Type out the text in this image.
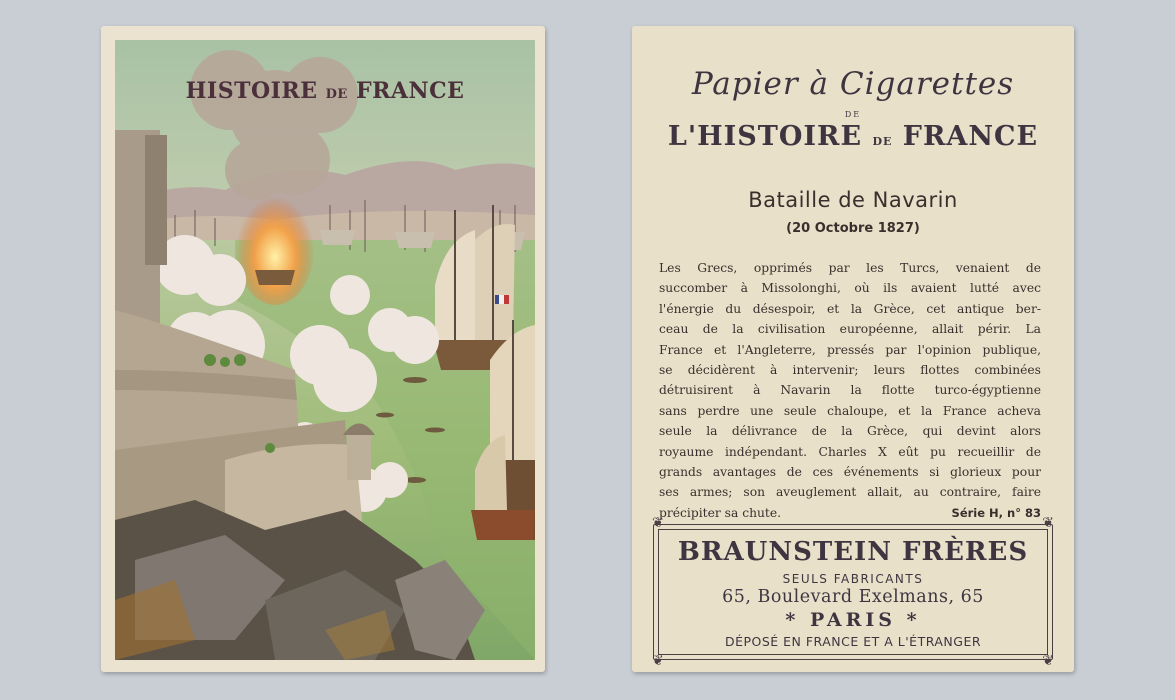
HISTOIRE DE FRANCE	Papier à Cigarettes
DE
L'HISTOIRE DE FRANCE
Bataille de Navarin
(20 Octobre 1827)
Les Grecs, opprimés par les Turcs, venaient de
succomber à Missolonghi, où ils avaient lutté avec
l'énergie du désespoir, et la Grèce, cet antique ber-
ceau de la civilisation européenne, allait périr. La
France et l'Angleterre, pressés par l'opinion publique,
se décidèrent à intervenir; leurs flottes combinées
détruisirent à Navarin la flotte turco-égyptienne
sans perdre une seule chaloupe, et la France acheva
seule la délivrance de la Grèce, qui devint alors
royaume indépendant. Charles X eût pu recueillir de
grands avantages de ces événements si glorieux pour
ses armes; son aveuglement allait, au contraire, faire
précipiter sa chute.	Série H, n° 83
❦	❦
❦	❦
BRAUNSTEIN FRÈRES
SEULS FABRICANTS
65, Boulevard Exelmans, 65
* PARIS *
DÉPOSÉ EN FRANCE ET A L'ÉTRANGER
